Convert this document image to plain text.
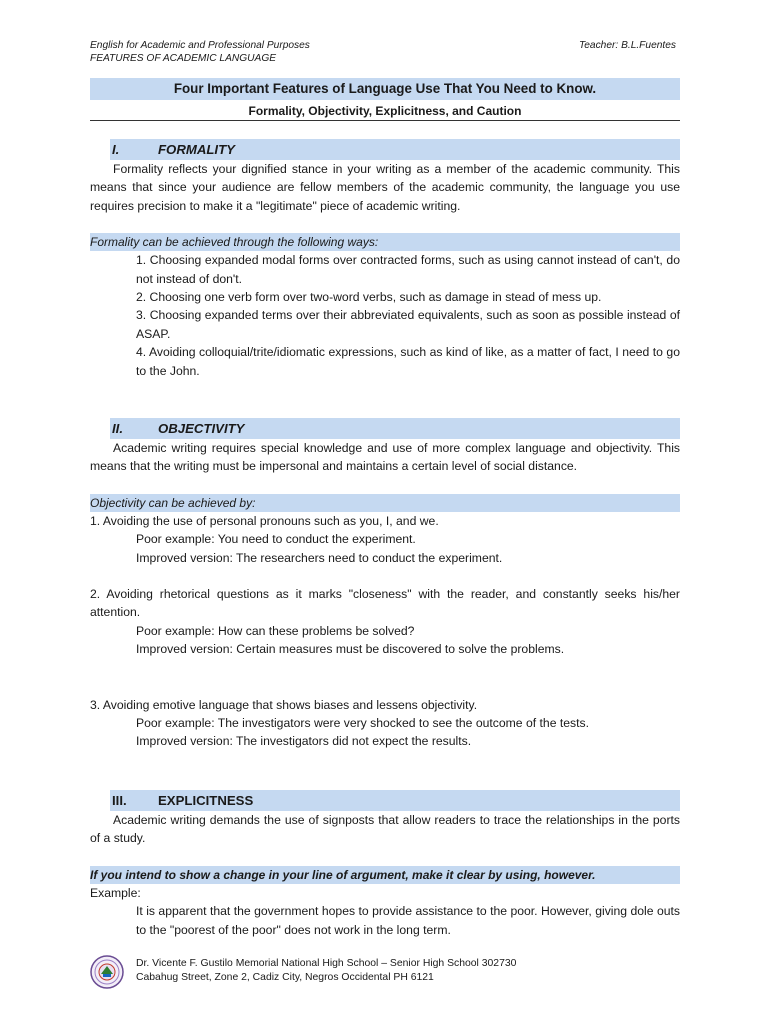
English for Academic and Professional Purposes
FEATURES OF ACADEMIC LANGUAGE
Teacher: B.L.Fuentes
Four Important Features of Language Use That You Need to Know.
Formality, Objectivity, Explicitness, and Caution
I.	FORMALITY

Formality reflects your dignified stance in your writing as a member of the academic community. This means that since your audience are fellow members of the academic community, the language you use requires precision to make it a "legitimate" piece of academic writing.

Formality can be achieved through the following ways:

1. Choosing expanded modal forms over contracted forms, such as using cannot instead of can't, do not instead of don't.

2. Choosing one verb form over two-word verbs, such as damage in stead of mess up.

3. Choosing expanded terms over their abbreviated equivalents, such as soon as possible instead of ASAP.

4. Avoiding colloquial/trite/idiomatic expressions, such as kind of like, as a matter of fact, I need to go to the John.

II.	OBJECTIVITY

Academic writing requires special knowledge and use of more complex language and objectivity. This means that the writing must be impersonal and maintains a certain level of social distance.

Objectivity can be achieved by:

1. Avoiding the use of personal pronouns such as you, I, and we.

Poor example: You need to conduct the experiment.

Improved version: The researchers need to conduct the experiment.

2. Avoiding rhetorical questions as it marks "closeness" with the reader, and constantly seeks his/her attention.

Poor example: How can these problems be solved?

Improved version: Certain measures must be discovered to solve the problems.

3. Avoiding emotive language that shows biases and lessens objectivity.

Poor example: The investigators were very shocked to see the outcome of the tests.

Improved version: The investigators did not expect the results.

III. EXPLICITNESS

Academic writing demands the use of signposts that allow readers to trace the relationships in the ports of a study.

If you intend to show a change in your line of argument, make it clear by using, however.

Example:

It is apparent that the government hopes to provide assistance to the poor. However, giving dole outs to the "poorest of the poor" does not work in the long term.

Dr. Vicente F. Gustilo Memorial National High School – Senior High School 302730
Cabahug Street, Zone 2, Cadiz City, Negros Occidental PH 6121
